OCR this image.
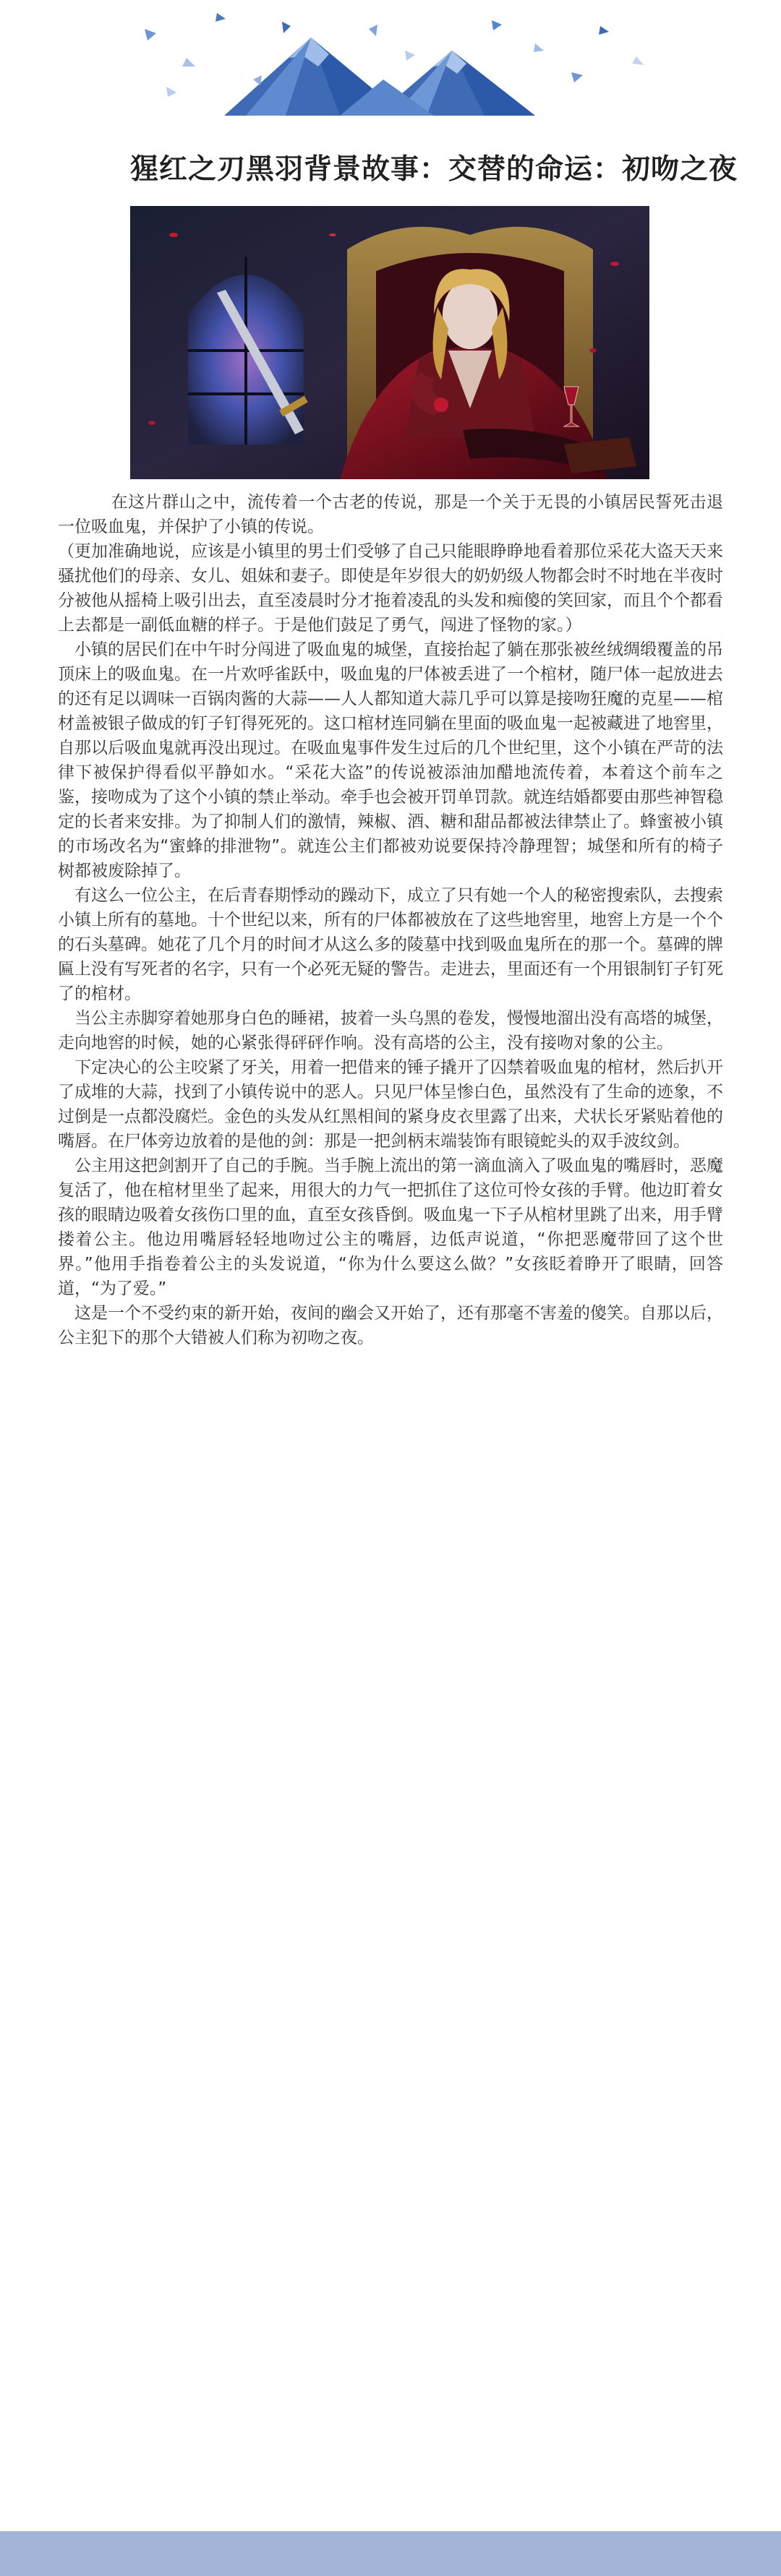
猩红之刃黑羽背景故事：交替的命运：初吻之夜

在这片群山之中，流传着一个古老的传说，那是一个关于无畏的小镇居民誓死击退一位吸血鬼，并保护了小镇的传说。

（更加准确地说，应该是小镇里的男士们受够了自己只能眼睁睁地看着那位采花大盗天天来骚扰他们的母亲、女儿、姐妹和妻子。即使是年岁很大的奶奶级人物都会时不时地在半夜时分被他从摇椅上吸引出去，直至凌晨时分才拖着凌乱的头发和痴傻的笑回家，而且个个都看上去都是一副低血糖的样子。于是他们鼓足了勇气，闯进了怪物的家。）

小镇的居民们在中午时分闯进了吸血鬼的城堡，直接抬起了躺在那张被丝绒绸缎覆盖的吊顶床上的吸血鬼。在一片欢呼雀跃中，吸血鬼的尸体被丢进了一个棺材，随尸体一起放进去的还有足以调味一百锅肉酱的大蒜——人人都知道大蒜几乎可以算是接吻狂魔的克星——棺材盖被银子做成的钉子钉得死死的。这口棺材连同躺在里面的吸血鬼一起被藏进了地窖里，自那以后吸血鬼就再没出现过。在吸血鬼事件发生过后的几个世纪里，这个小镇在严苛的法律下被保护得看似平静如水。“采花大盗”的传说被添油加醋地流传着，本着这个前车之鉴，接吻成为了这个小镇的禁止举动。牵手也会被开罚单罚款。就连结婚都要由那些神智稳定的长者来安排。为了抑制人们的激情，辣椒、酒、糖和甜品都被法律禁止了。蜂蜜被小镇的市场改名为“蜜蜂的排泄物”。就连公主们都被劝说要保持冷静理智；城堡和所有的椅子树都被废除掉了。

有这么一位公主，在后青春期悸动的躁动下，成立了只有她一个人的秘密搜索队，去搜索小镇上所有的墓地。十个世纪以来，所有的尸体都被放在了这些地窖里，地窖上方是一个个的石头墓碑。她花了几个月的时间才从这么多的陵墓中找到吸血鬼所在的那一个。墓碑的牌匾上没有写死者的名字，只有一个必死无疑的警告。走进去，里面还有一个用银制钉子钉死了的棺材。

当公主赤脚穿着她那身白色的睡裙，披着一头乌黑的卷发，慢慢地溜出没有高塔的城堡，走向地窖的时候，她的心紧张得砰砰作响。没有高塔的公主，没有接吻对象的公主。

下定决心的公主咬紧了牙关，用着一把借来的锤子撬开了囚禁着吸血鬼的棺材，然后扒开了成堆的大蒜，找到了小镇传说中的恶人。只见尸体呈惨白色，虽然没有了生命的迹象，不过倒是一点都没腐烂。金色的头发从红黑相间的紧身皮衣里露了出来，犬状长牙紧贴着他的嘴唇。在尸体旁边放着的是他的剑：那是一把剑柄末端装饰有眼镜蛇头的双手波纹剑。

公主用这把剑割开了自己的手腕。当手腕上流出的第一滴血滴入了吸血鬼的嘴唇时，恶魔复活了，他在棺材里坐了起来，用很大的力气一把抓住了这位可怜女孩的手臂。他边盯着女孩的眼睛边吸着女孩伤口里的血，直至女孩昏倒。吸血鬼一下子从棺材里跳了出来，用手臂搂着公主。他边用嘴唇轻轻地吻过公主的嘴唇，边低声说道，“你把恶魔带回了这个世界。”他用手指卷着公主的头发说道，“你为什么要这么做？”女孩眨着睁开了眼睛，回答道，“为了爱。”

这是一个不受约束的新开始，夜间的幽会又开始了，还有那毫不害羞的傻笑。自那以后，公主犯下的那个大错被人们称为初吻之夜。
